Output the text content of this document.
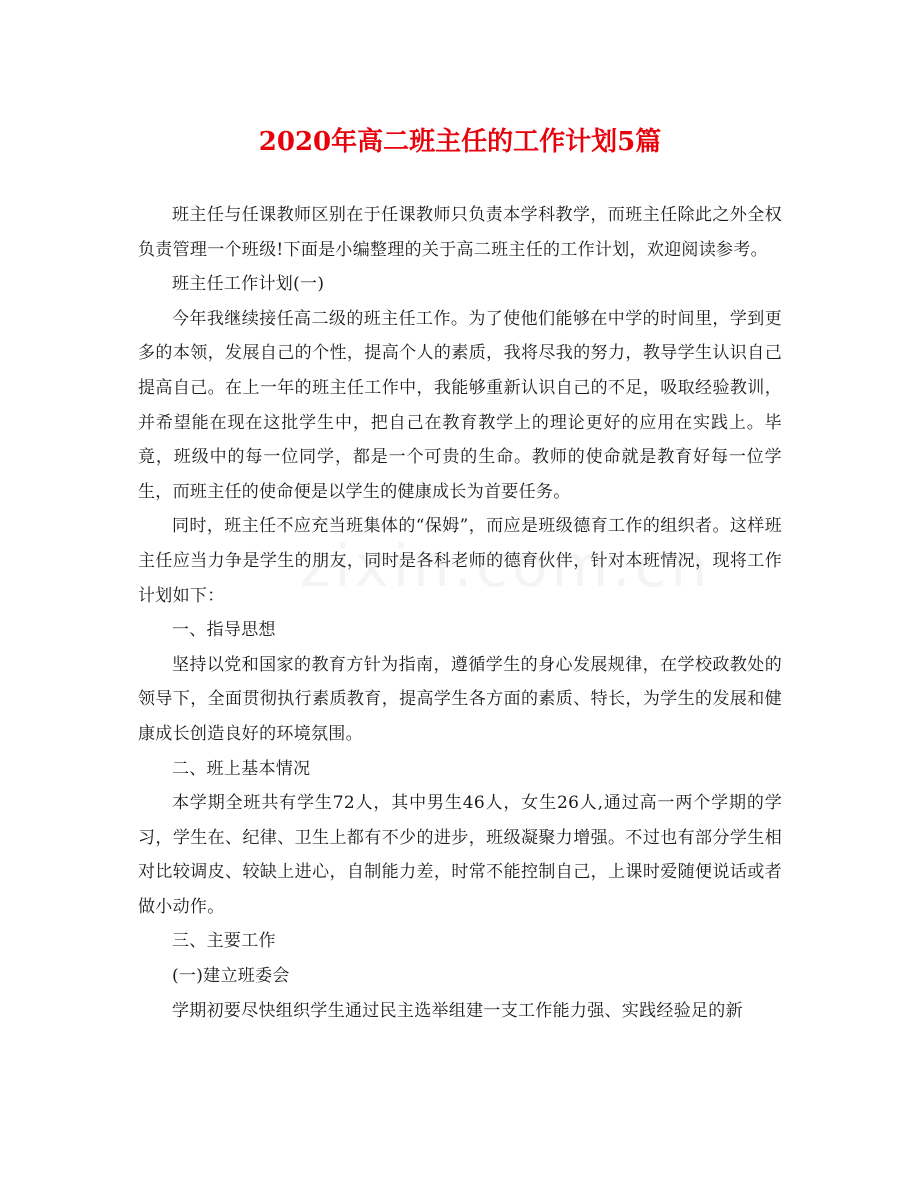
2020年高二班主任的工作计划5篇

班主任与任课教师区别在于任课教师只负责本学科教学，而班主任除此之外全权负责管理一个班级!下面是小编整理的关于高二班主任的工作计划，欢迎阅读参考。

班主任工作计划(一)

今年我继续接任高二级的班主任工作。为了使他们能够在中学的时间里，学到更多的本领，发展自己的个性，提高个人的素质，我将尽我的努力，教导学生认识自己提高自己。在上一年的班主任工作中，我能够重新认识自己的不足，吸取经验教训，并希望能在现在这批学生中，把自己在教育教学上的理论更好的应用在实践上。毕竟，班级中的每一位同学，都是一个可贵的生命。教师的使命就是教育好每一位学生，而班主任的使命便是以学生的健康成长为首要任务。

同时，班主任不应充当班集体的“保姆”，而应是班级德育工作的组织者。这样班主任应当力争是学生的朋友，同时是各科老师的德育伙伴，针对本班情况，现将工作计划如下：

一、指导思想

坚持以党和国家的教育方针为指南，遵循学生的身心发展规律，在学校政教处的领导下，全面贯彻执行素质教育，提高学生各方面的素质、特长，为学生的发展和健康成长创造良好的环境氛围。

二、班上基本情况

本学期全班共有学生72人，其中男生46人，女生26人,通过高一两个学期的学习，学生在、纪律、卫生上都有不少的进步，班级凝聚力增强。不过也有部分学生相对比较调皮、较缺上进心，自制能力差，时常不能控制自己，上课时爱随便说话或者做小动作。

三、主要工作

(一)建立班委会

学期初要尽快组织学生通过民主选举组建一支工作能力强、实践经验足的新
